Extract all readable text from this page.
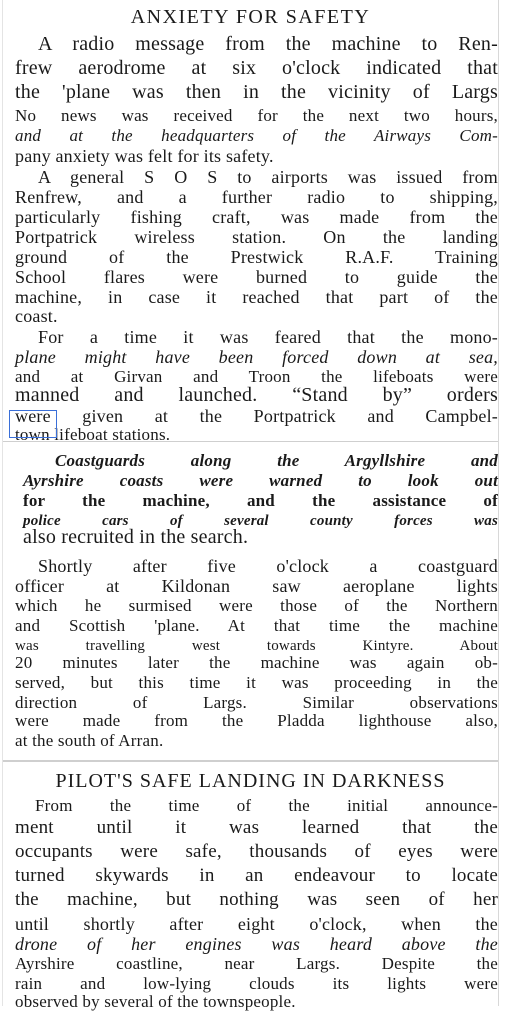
ANXIETY FOR SAFETY
A radio message from the machine to Ren-
frew aerodrome at six o'clock indicated that
the 'plane was then in the vicinity of Largs
No news was received for the next two hours,
and at the headquarters of the Airways Com-
pany anxiety was felt for its safety.
A general S O S to airports was issued from
Renfrew, and a further radio to shipping,
particularly fishing craft, was made from the
Portpatrick wireless station. On the landing
ground of the Prestwick R.A.F. Training
School flares were burned to guide the
machine, in case it reached that part of the
coast.
For a time it was feared that the mono-
plane might have been forced down at sea,
and at Girvan and Troon the lifeboats were
manned and launched. “Stand by” orders
were given at the Portpatrick and Campbel-
town lifeboat stations.
Coastguards along the Argyllshire and
Ayrshire coasts were warned to look out
for the machine, and the assistance of
police cars of several county forces was
also recruited in the search.
Shortly after five o'clock a coastguard
officer at Kildonan saw aeroplane lights
which he surmised were those of the Northern
and Scottish 'plane. At that time the machine
was travelling west towards Kintyre. About
20 minutes later the machine was again ob-
served, but this time it was proceeding in the
direction of Largs. Similar observations
were made from the Pladda lighthouse also,
at the south of Arran.
PILOT'S SAFE LANDING IN DARKNESS
From the time of the initial announce-
ment until it was learned that the
occupants were safe, thousands of eyes were
turned skywards in an endeavour to locate
the machine, but nothing was seen of her
until shortly after eight o'clock, when the
drone of her engines was heard above the
Ayrshire coastline, near Largs. Despite the
rain and low-lying clouds its lights were
observed by several of the townspeople.
